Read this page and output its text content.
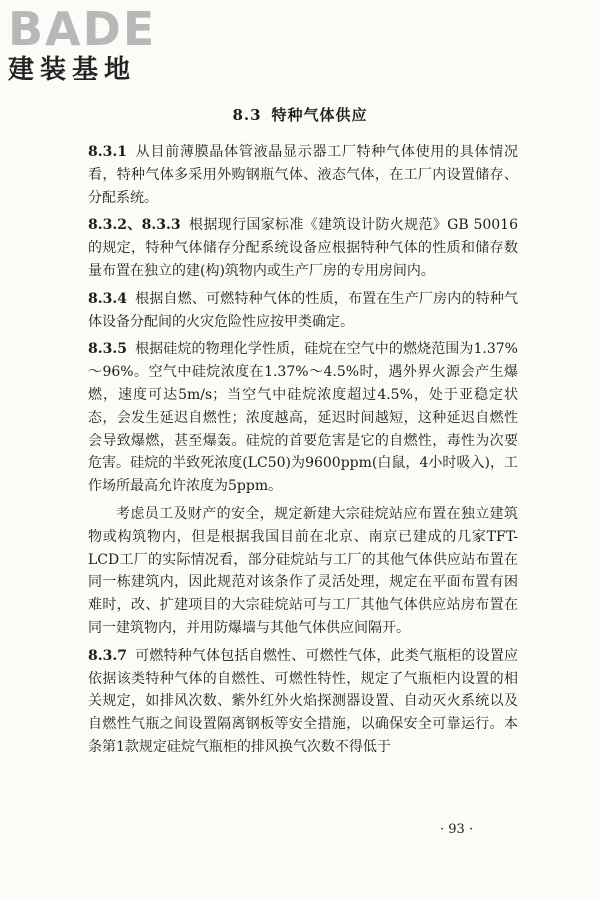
BADE
建装基地
8.3 特种气体供应

8.3.1 从目前薄膜晶体管液晶显示器工厂特种气体使用的具体情况看，特种气体多采用外购钢瓶气体、液态气体，在工厂内设置储存、分配系统。

8.3.2、8.3.3 根据现行国家标准《建筑设计防火规范》GB 50016的规定，特种气体储存分配系统设备应根据特种气体的性质和储存数量布置在独立的建(构)筑物内或生产厂房的专用房间内。

8.3.4 根据自燃、可燃特种气体的性质，布置在生产厂房内的特种气体设备分配间的火灾危险性应按甲类确定。

8.3.5 根据硅烷的物理化学性质，硅烷在空气中的燃烧范围为1.37%～96%。空气中硅烷浓度在1.37%～4.5%时，遇外界火源会产生爆燃，速度可达5m/s；当空气中硅烷浓度超过4.5%，处于亚稳定状态，会发生延迟自燃性；浓度越高，延迟时间越短，这种延迟自燃性会导致爆燃，甚至爆轰。硅烷的首要危害是它的自燃性，毒性为次要危害。硅烷的半致死浓度(LC50)为9600ppm(白鼠，4小时吸入)，工作场所最高允许浓度为5ppm。

考虑员工及财产的安全，规定新建大宗硅烷站应布置在独立建筑物或构筑物内，但是根据我国目前在北京、南京已建成的几家TFT-LCD工厂的实际情况看，部分硅烷站与工厂的其他气体供应站布置在同一栋建筑内，因此规范对该条作了灵活处理，规定在平面布置有困难时，改、扩建项目的大宗硅烷站可与工厂其他气体供应站房布置在同一建筑物内，并用防爆墙与其他气体供应间隔开。

8.3.7 可燃特种气体包括自燃性、可燃性气体，此类气瓶柜的设置应依据该类特种气体的自燃性、可燃性特性，规定了气瓶柜内设置的相关规定，如排风次数、紫外红外火焰探测器设置、自动灭火系统以及自燃性气瓶之间设置隔离钢板等安全措施，以确保安全可靠运行。本条第1款规定硅烷气瓶柜的排风换气次数不得低于

· 93 ·
